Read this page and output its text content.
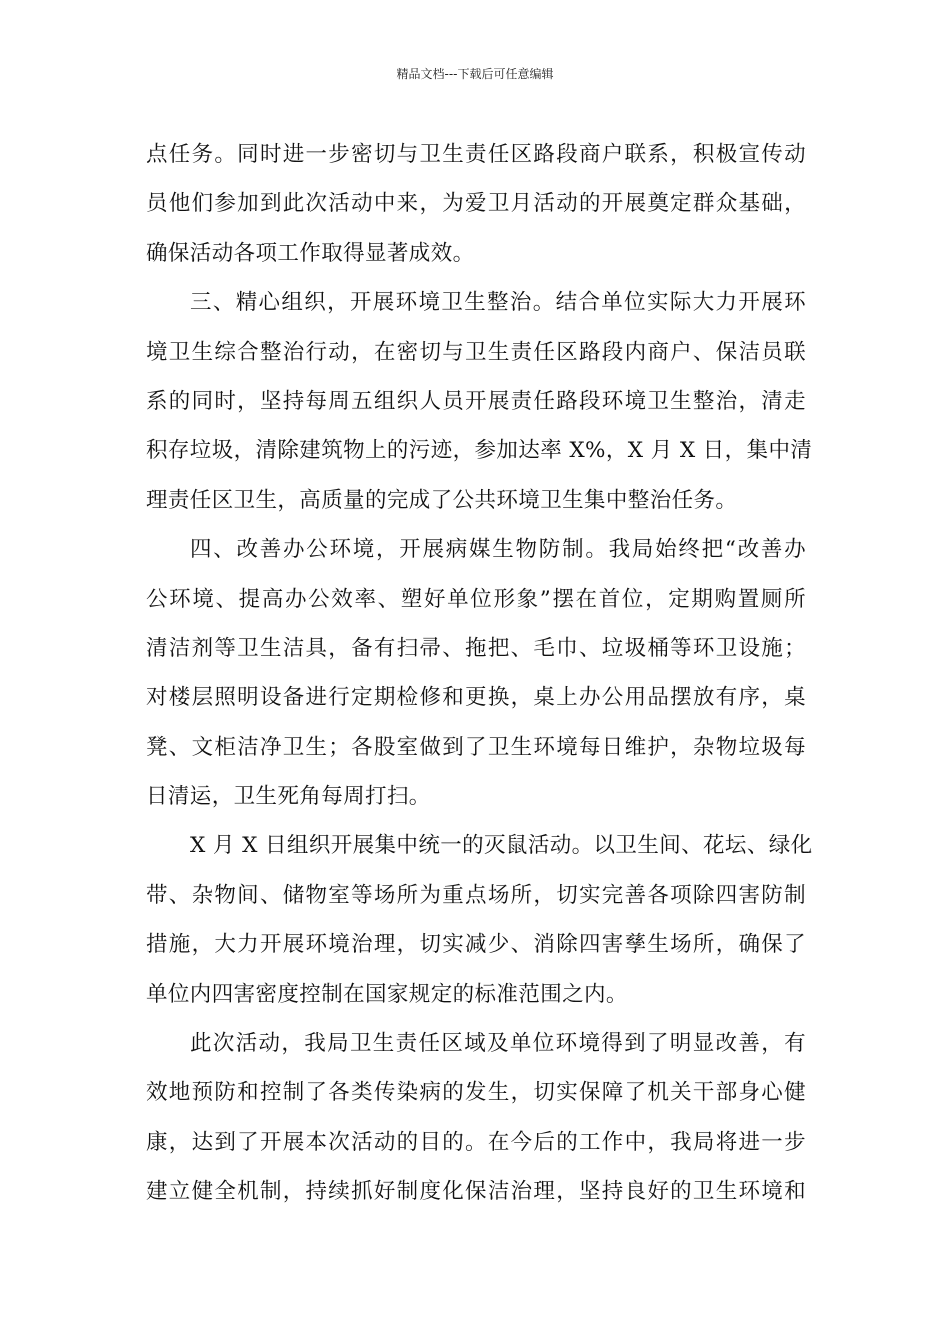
精品文档---下载后可任意编辑
点任务。同时进一步密切与卫生责任区路段商户联系，积极宣传动
员他们参加到此次活动中来，为爱卫月活动的开展奠定群众基础，
确保活动各项工作取得显著成效。
三、精心组织，开展环境卫生整治。结合单位实际大力开展环
境卫生综合整治行动，在密切与卫生责任区路段内商户、保洁员联
系的同时，坚持每周五组织人员开展责任路段环境卫生整治，清走
积存垃圾，清除建筑物上的污迹，参加达率 X%，X 月 X 日，集中清
理责任区卫生，高质量的完成了公共环境卫生集中整治任务。
四、改善办公环境，开展病媒生物防制。我局始终把“改善办
公环境、提高办公效率、塑好单位形象”摆在首位，定期购置厕所
清洁剂等卫生洁具，备有扫帚、拖把、毛巾、垃圾桶等环卫设施；
对楼层照明设备进行定期检修和更换，桌上办公用品摆放有序，桌
凳、文柜洁净卫生；各股室做到了卫生环境每日维护，杂物垃圾每
日清运，卫生死角每周打扫。
X 月 X 日组织开展集中统一的灭鼠活动。以卫生间、花坛、绿化
带、杂物间、储物室等场所为重点场所，切实完善各项除四害防制
措施，大力开展环境治理，切实减少、消除四害孳生场所，确保了
单位内四害密度控制在国家规定的标准范围之内。
此次活动，我局卫生责任区域及单位环境得到了明显改善，有
效地预防和控制了各类传染病的发生，切实保障了机关干部身心健
康，达到了开展本次活动的目的。在今后的工作中，我局将进一步
建立健全机制，持续抓好制度化保洁治理，坚持良好的卫生环境和
